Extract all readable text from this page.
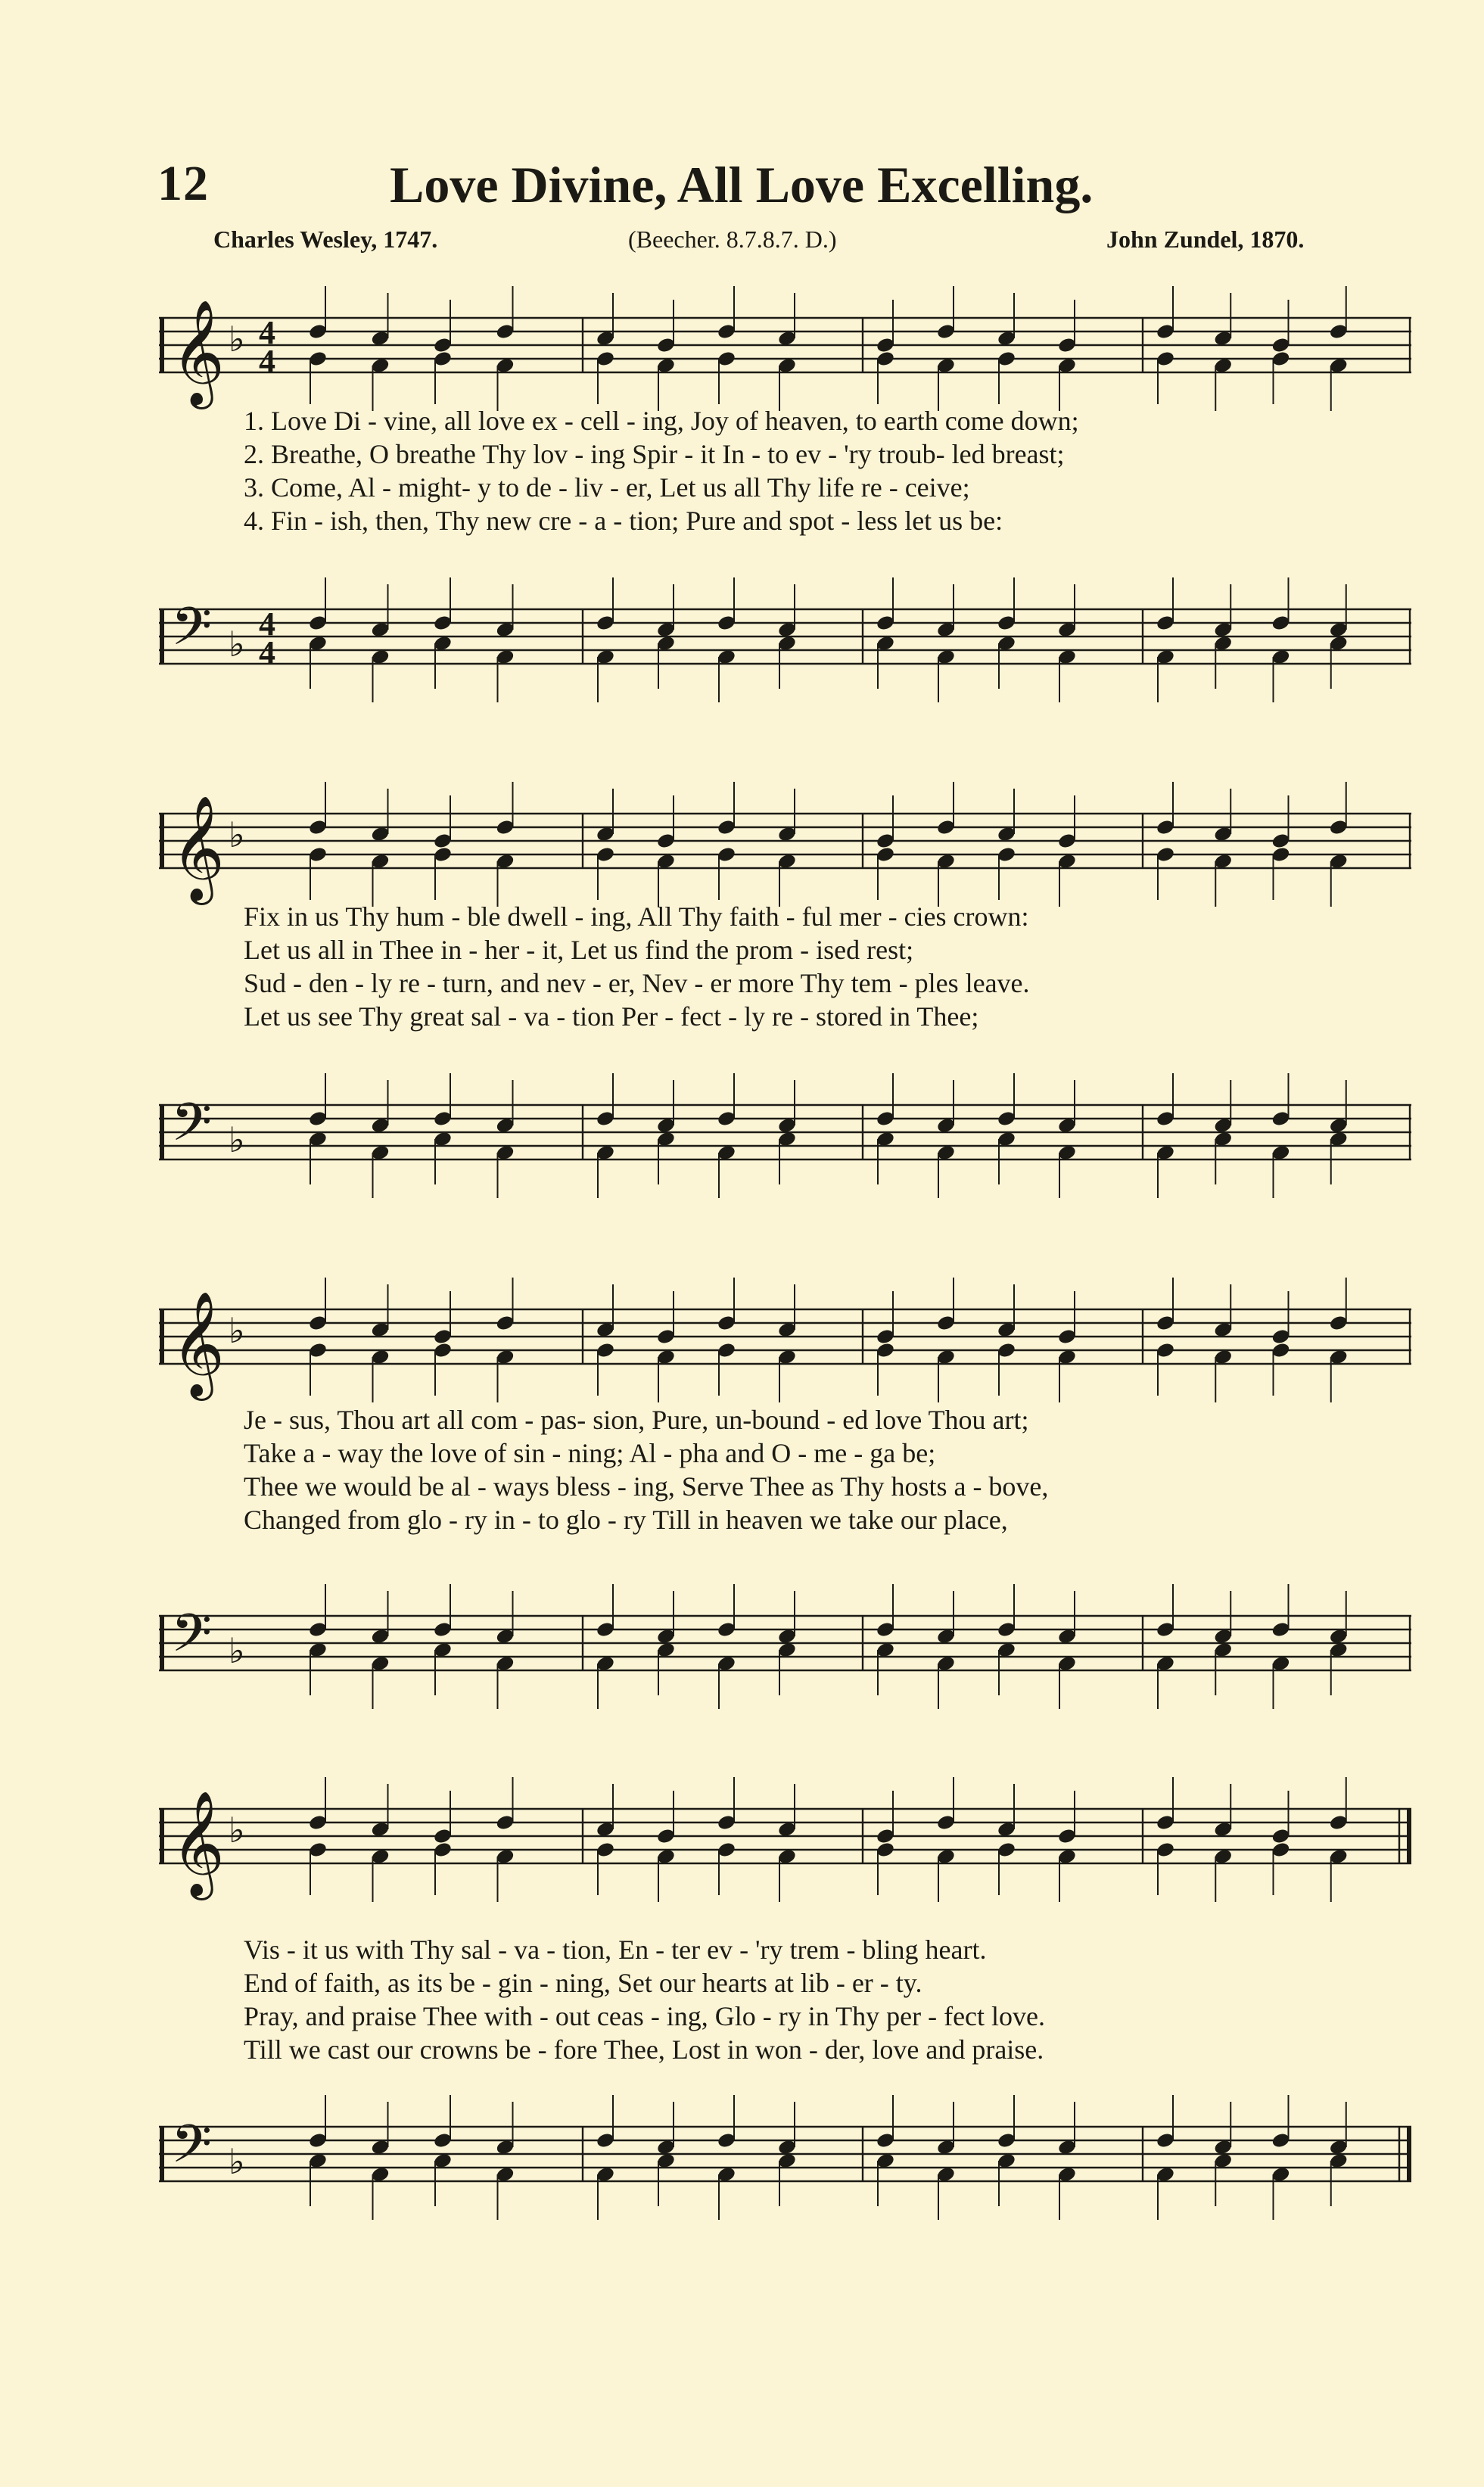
12	Love Divine, All Love Excelling.
Charles Wesley, 1747.	(Beecher. 8.7.8.7. D.)	John Zundel, 1870.
𝄞 ♭ 4
4
1. Love Di - vine, all love ex - cell - ing, Joy of heaven, to earth come down;
2. Breathe, O breathe Thy lov - ing Spir - it In - to ev - 'ry troub- led breast;
3. Come, Al - might- y to de - liv - er, Let us all Thy life re - ceive;
4. Fin - ish, then, Thy new cre - a - tion; Pure and spot - less let us be:
𝄢 ♭ 4
4
𝄞 ♭
Fix in us Thy hum - ble dwell - ing, All Thy faith - ful mer - cies crown:
Let us all in Thee in - her - it, Let us find the prom - ised rest;
Sud - den - ly re - turn, and nev - er, Nev - er more Thy tem - ples leave.
Let us see Thy great sal - va - tion Per - fect - ly re - stored in Thee;
𝄢 ♭
𝄞 ♭
Je - sus, Thou art all com - pas- sion, Pure, un-bound - ed love Thou art;
Take a - way the love of sin - ning; Al - pha and O - me - ga be;
Thee we would be al - ways bless - ing, Serve Thee as Thy hosts a - bove,
Changed from glo - ry in - to glo - ry Till in heaven we take our place,
𝄢 ♭
𝄞 ♭
Vis - it us with Thy sal - va - tion, En - ter ev - 'ry trem - bling heart.
End of faith, as its be - gin - ning, Set our hearts at lib - er - ty.
Pray, and praise Thee with - out ceas - ing, Glo - ry in Thy per - fect love.
Till we cast our crowns be - fore Thee, Lost in won - der, love and praise.
𝄢 ♭
